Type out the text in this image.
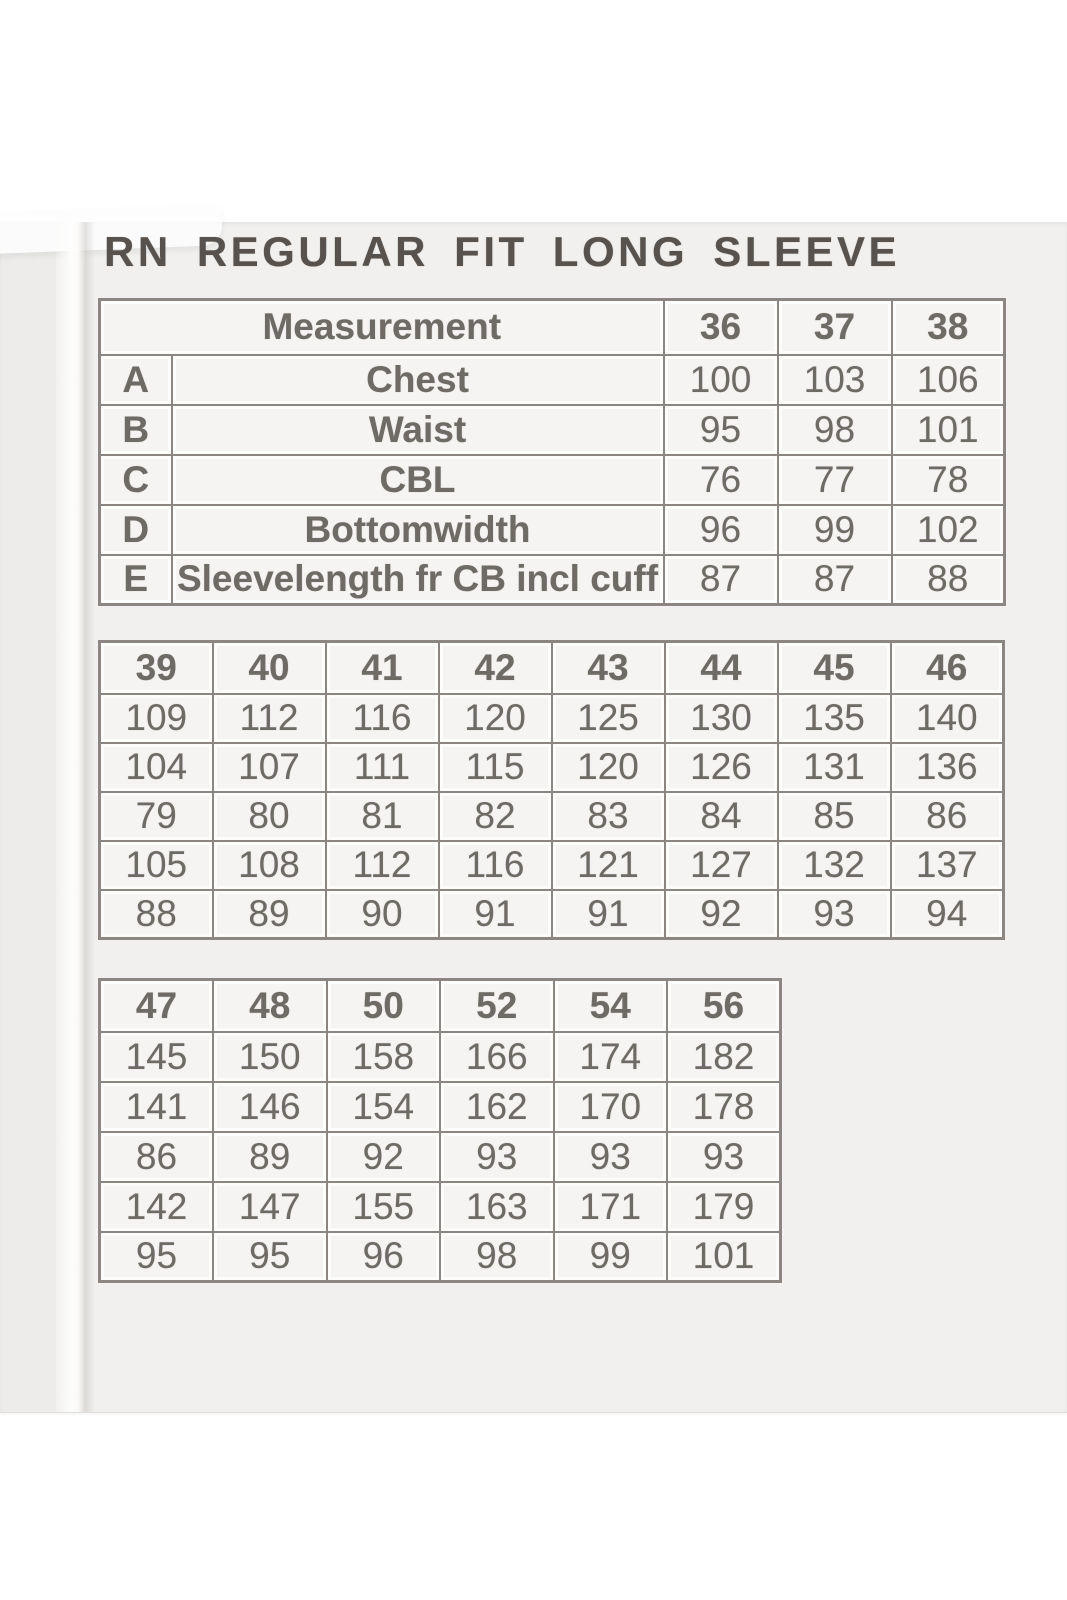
RN REGULAR FIT LONG SLEEVE
Measurement		36	37	38
A	Chest	100	103	106
B	Waist	95	98	101
C	CBL	76	77	78
D	Bottomwidth	96	99	102
E	Sleevelength fr CB incl cuff	87	87	88
39	40	41	42	43	44	45	46
109	112	116	120	125	130	135	140
104	107	111	115	120	126	131	136
79	80	81	82	83	84	85	86
105	108	112	116	121	127	132	137
88	89	90	91	91	92	93	94
47	48	50	52	54	56
145	150	158	166	174	182
141	146	154	162	170	178
86	89	92	93	93	93
142	147	155	163	171	179
95	95	96	98	99	101
